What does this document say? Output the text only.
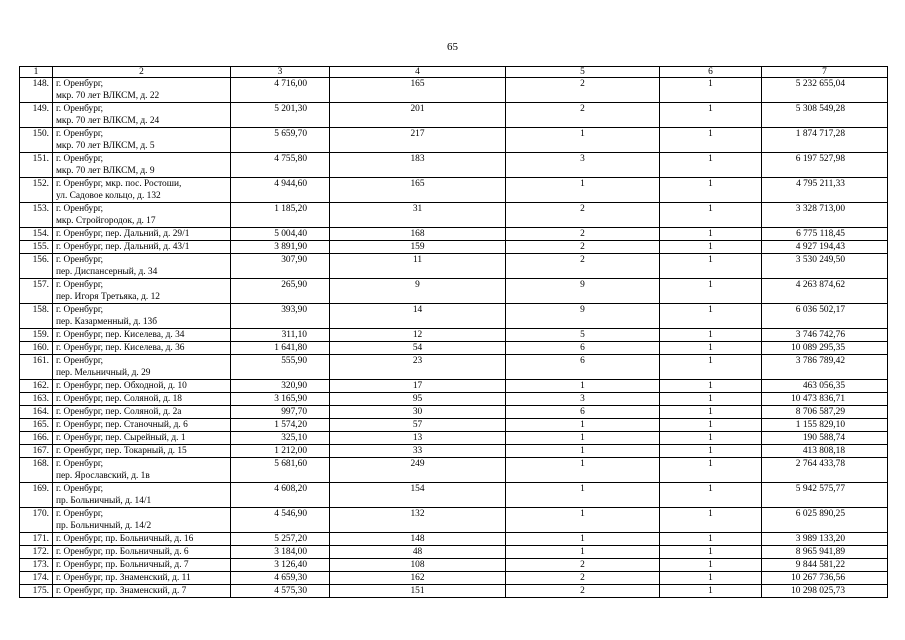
65
1	2	3	4	5	6	7
148.	г. Оренбург,
мкр. 70 лет ВЛКСМ, д. 22	4 716,00	165	2	1	5 232 655,04
149.	г. Оренбург,
мкр. 70 лет ВЛКСМ, д. 24	5 201,30	201	2	1	5 308 549,28
150.	г. Оренбург,
мкр. 70 лет ВЛКСМ, д. 5	5 659,70	217	1	1	1 874 717,28
151.	г. Оренбург,
мкр. 70 лет ВЛКСМ, д. 9	4 755,80	183	3	1	6 197 527,98
152.	г. Оренбург, мкр. пос. Ростоши,
ул. Садовое кольцо, д. 132	4 944,60	165	1	1	4 795 211,33
153.	г. Оренбург,
мкр. Стройгородок, д. 17	1 185,20	31	2	1	3 328 713,00
154.	г. Оренбург, пер. Дальний, д. 29/1	5 004,40	168	2	1	6 775 118,45
155.	г. Оренбург, пер. Дальний, д. 43/1	3 891,90	159	2	1	4 927 194,43
156.	г. Оренбург,
пер. Диспансерный, д. 34	307,90	11	2	1	3 530 249,50
157.	г. Оренбург,
пер. Игоря Третьяка, д. 12	265,90	9	9	1	4 263 874,62
158.	г. Оренбург,
пер. Казарменный, д. 13б	393,90	14	9	1	6 036 502,17
159.	г. Оренбург, пер. Киселева, д. 34	311,10	12	5	1	3 746 742,76
160.	г. Оренбург, пер. Киселева, д. 36	1 641,80	54	6	1	10 089 295,35
161.	г. Оренбург,
пер. Мельничный, д. 29	555,90	23	6	1	3 786 789,42
162.	г. Оренбург, пер. Обходной, д. 10	320,90	17	1	1	463 056,35
163.	г. Оренбург, пер. Соляной, д. 18	3 165,90	95	3	1	10 473 836,71
164.	г. Оренбург, пер. Соляной, д. 2а	997,70	30	6	1	8 706 587,29
165.	г. Оренбург, пер. Станочный, д. 6	1 574,20	57	1	1	1 155 829,10
166.	г. Оренбург, пер. Сырейный, д. 1	325,10	13	1	1	190 588,74
167.	г. Оренбург, пер. Токарный, д. 15	1 212,00	33	1	1	413 808,18
168.	г. Оренбург,
пер. Ярославский, д. 1в	5 681,60	249	1	1	2 764 433,78
169.	г. Оренбург,
пр. Больничный, д. 14/1	4 608,20	154	1	1	5 942 575,77
170.	г. Оренбург,
пр. Больничный, д. 14/2	4 546,90	132	1	1	6 025 890,25
171.	г. Оренбург, пр. Больничный, д. 16	5 257,20	148	1	1	3 989 133,20
172.	г. Оренбург, пр. Больничный, д. 6	3 184,00	48	1	1	8 965 941,89
173.	г. Оренбург, пр. Больничный, д. 7	3 126,40	108	2	1	9 844 581,22
174.	г. Оренбург, пр. Знаменский, д. 11	4 659,30	162	2	1	10 267 736,56
175.	г. Оренбург, пр. Знаменский, д. 7	4 575,30	151	2	1	10 298 025,73
